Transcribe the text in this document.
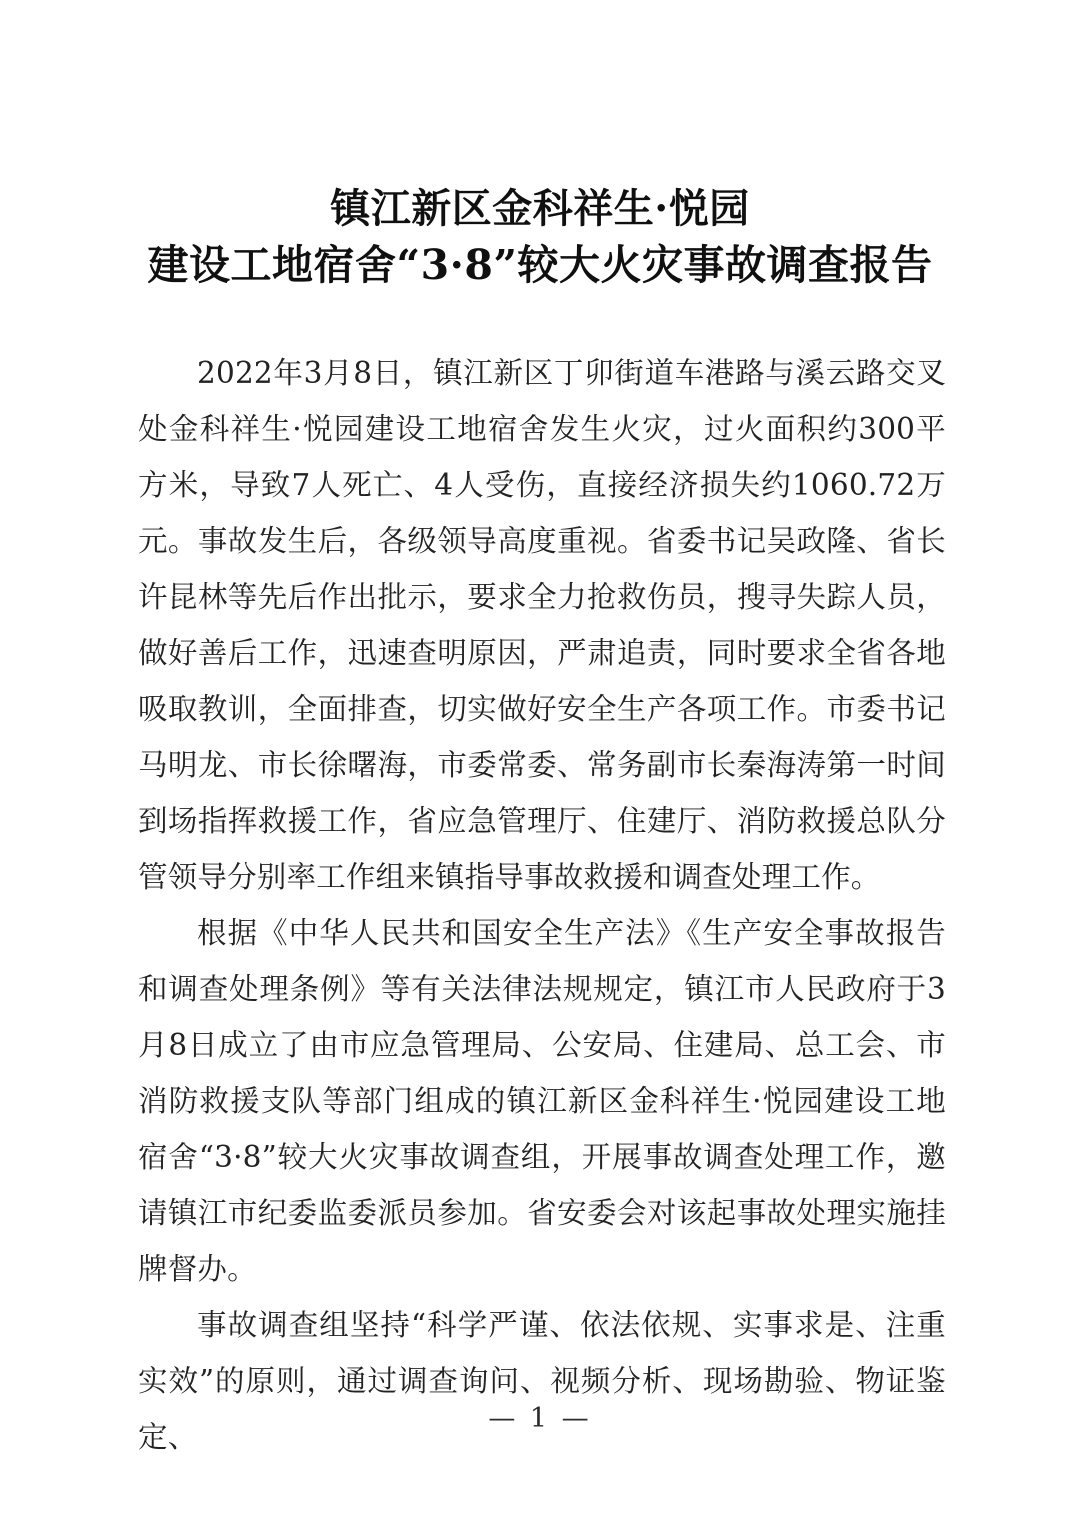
镇江新区金科祥生·悦园
建设工地宿舍“3·8”较大火灾事故调查报告

2022年3月8日，镇江新区丁卯街道车港路与溪云路交叉处金科祥生·悦园建设工地宿舍发生火灾，过火面积约300平方米，导致7人死亡、4人受伤，直接经济损失约1060.72万元。事故发生后，各级领导高度重视。省委书记吴政隆、省长许昆林等先后作出批示，要求全力抢救伤员，搜寻失踪人员，做好善后工作，迅速查明原因，严肃追责，同时要求全省各地吸取教训，全面排查，切实做好安全生产各项工作。市委书记马明龙、市长徐曙海，市委常委、常务副市长秦海涛第一时间到场指挥救援工作，省应急管理厅、住建厅、消防救援总队分管领导分别率工作组来镇指导事故救援和调查处理工作。

根据《中华人民共和国安全生产法》《生产安全事故报告和调查处理条例》等有关法律法规规定，镇江市人民政府于3月8日成立了由市应急管理局、公安局、住建局、总工会、市消防救援支队等部门组成的镇江新区金科祥生·悦园建设工地宿舍“3·8”较大火灾事故调查组，开展事故调查处理工作，邀请镇江市纪委监委派员参加。省安委会对该起事故处理实施挂牌督办。

事故调查组坚持“科学严谨、依法依规、实事求是、注重实效”的原则，通过调查询问、视频分析、现场勘验、物证鉴定、

— 1 —
